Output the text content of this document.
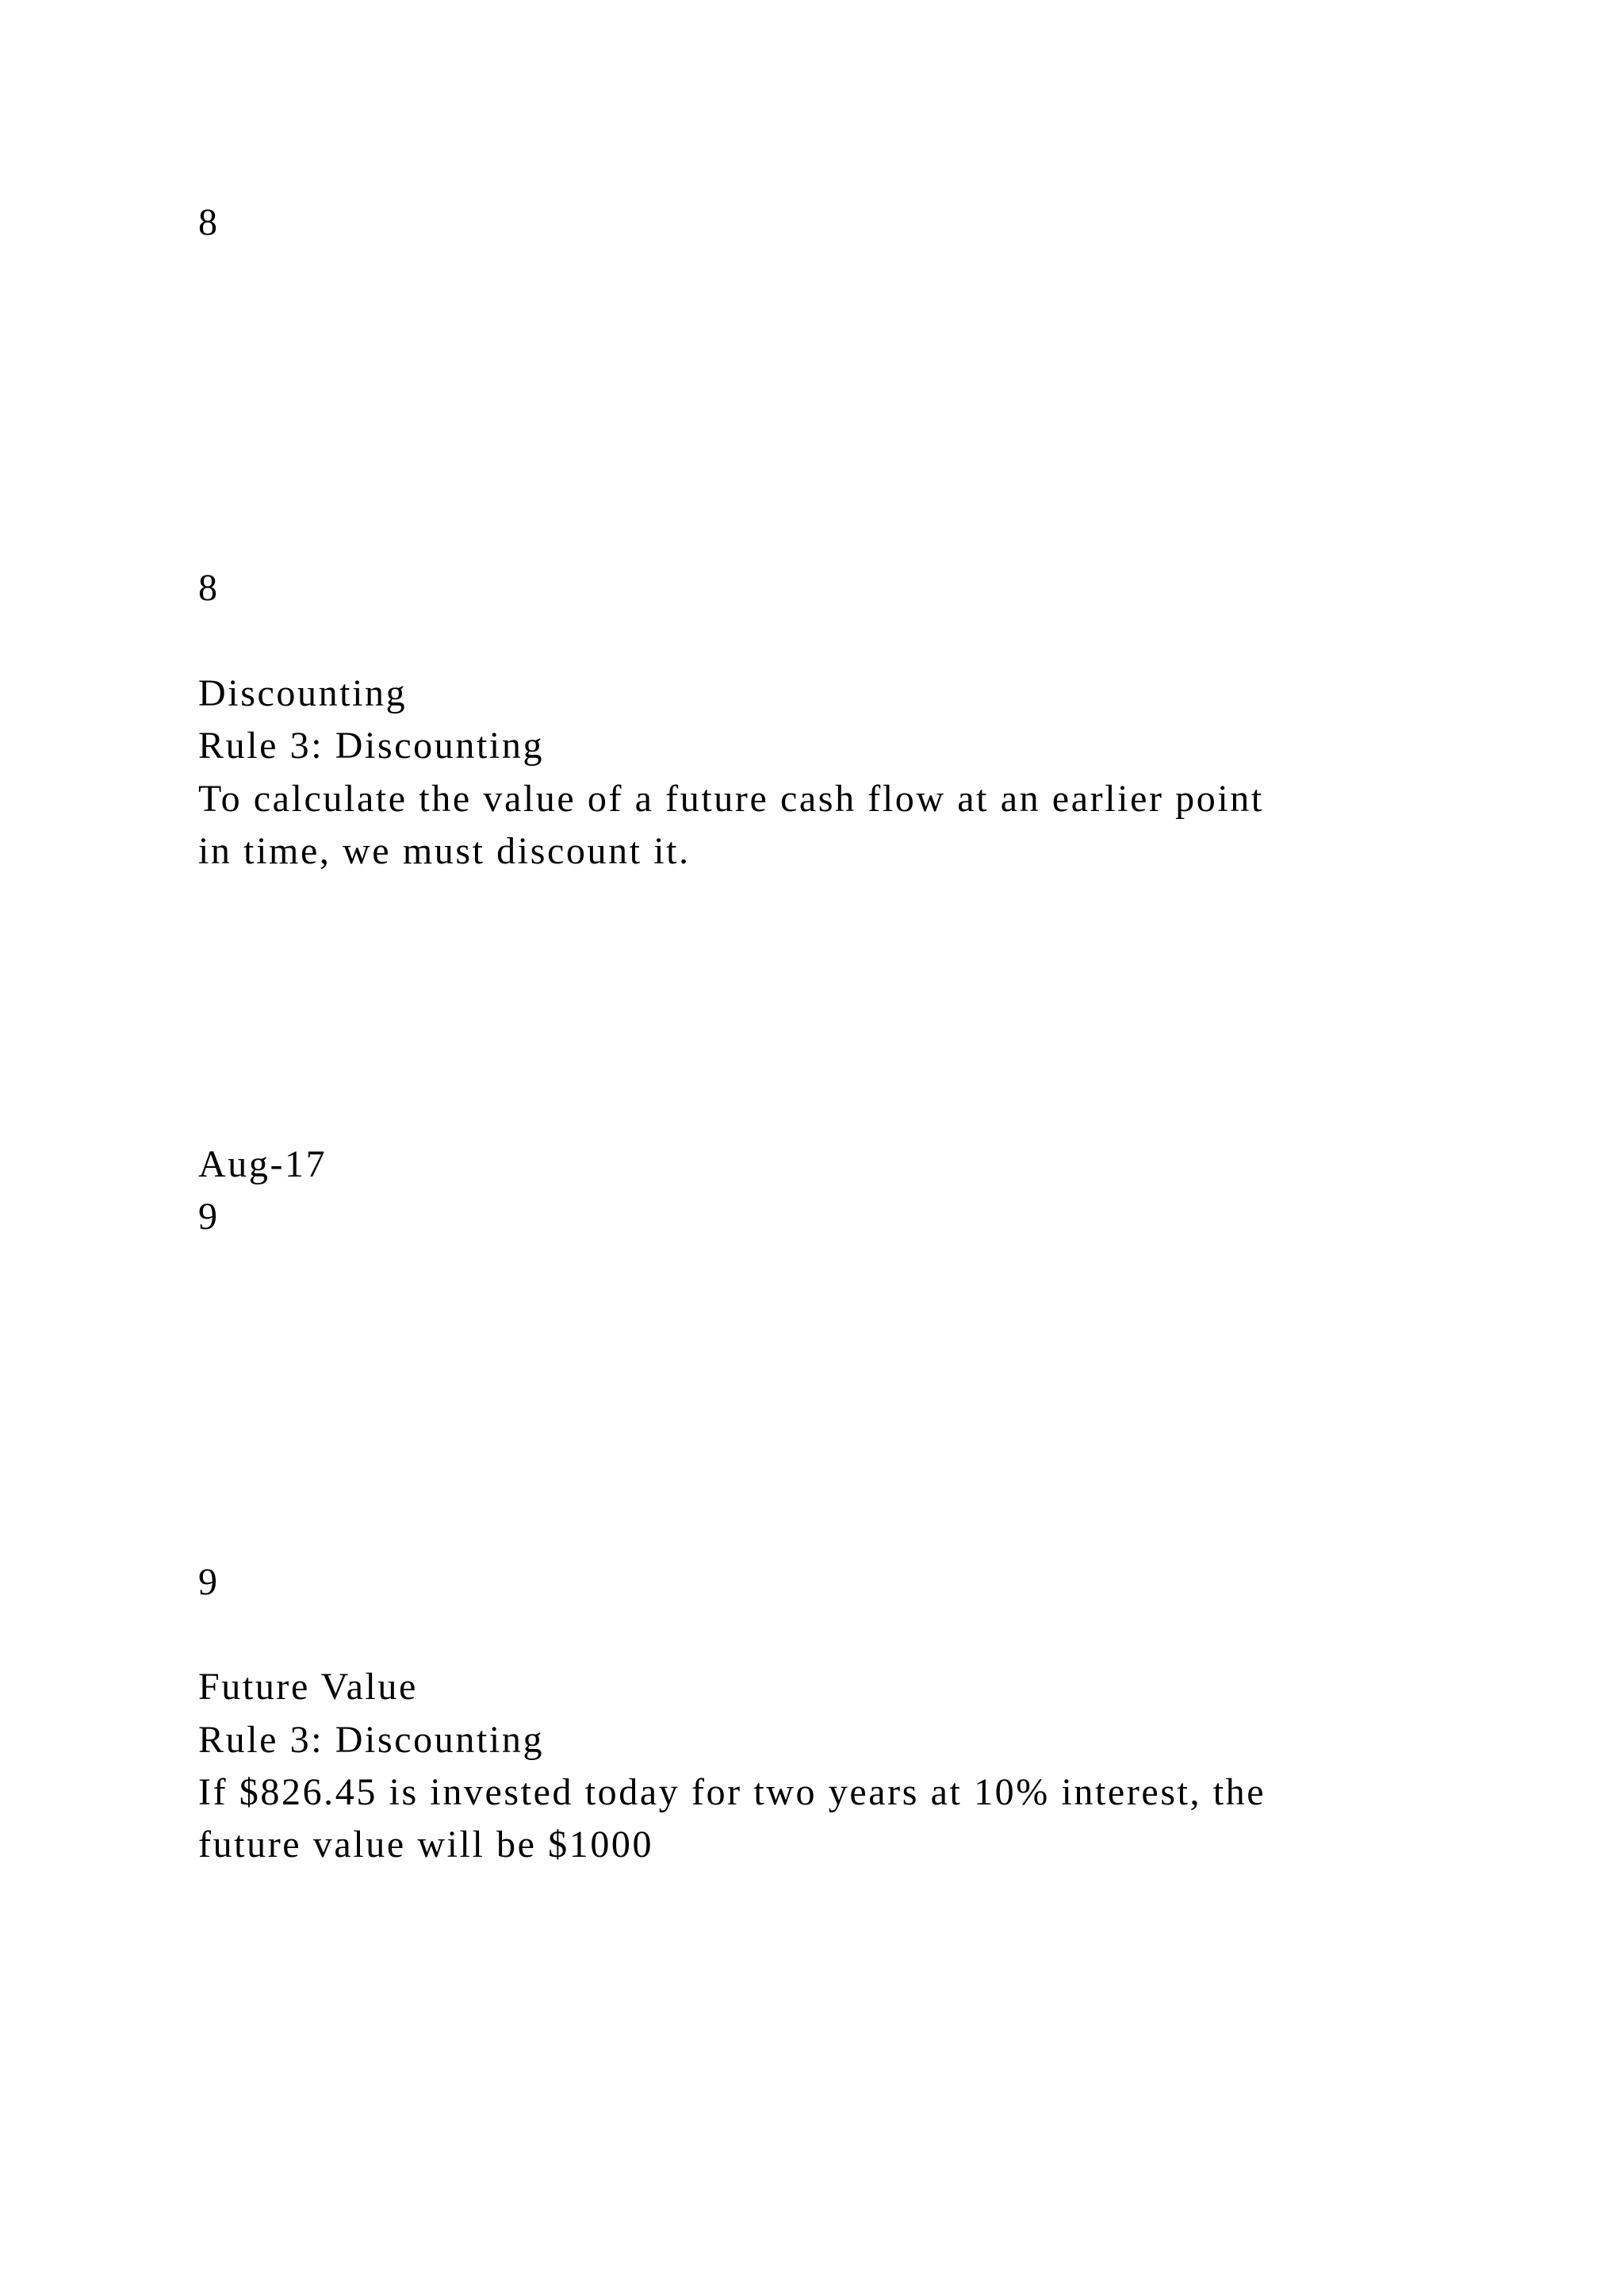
8

8

Discounting

Rule 3: Discounting

To calculate the value of a future cash flow at an earlier point

in time, we must discount it.

Aug-17

9

9

Future Value

Rule 3: Discounting

If $826.45 is invested today for two years at 10% interest, the

future value will be $1000
